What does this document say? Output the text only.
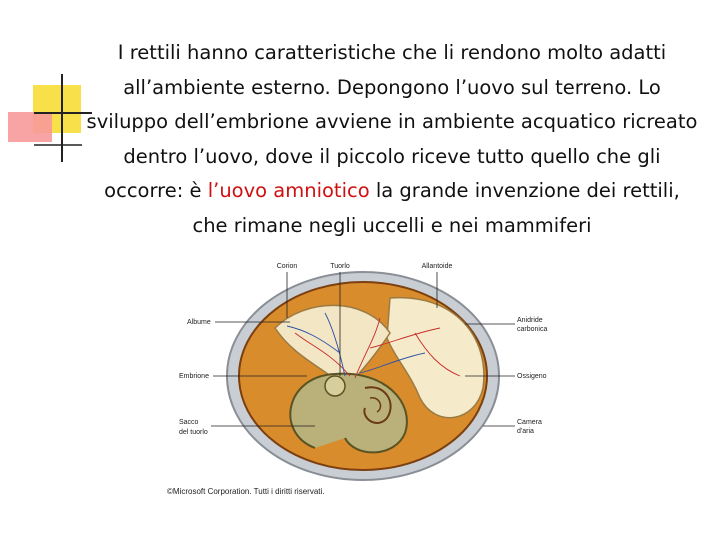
I rettili hanno caratteristiche che li rendono molto adatti all’ambiente esterno. Depongono l’uovo sul terreno. Lo sviluppo dell’embrione avviene in ambiente acquatico ricreato dentro l’uovo, dove il piccolo riceve tutto quello che gli occorre: è l’uovo amniotico la grande invenzione dei rettili, che rimane negli uccelli e nei mammiferi
Corion	Tuorlo	Allantoide
Albume
Embrione
Sacco
del tuorlo
Anidride
carbonica
Ossigeno
Camera
d'aria
©Microsoft Corporation. Tutti i diritti riservati.
